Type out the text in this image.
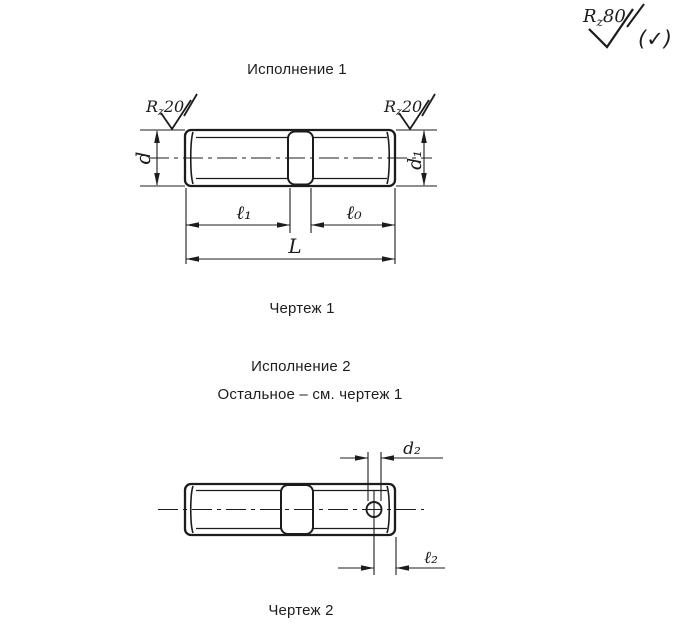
Исполнение 1
Чертеж 1
Исполнение 2
Остальное – см. чертеж 1
Чертеж 2
$R_z80$
(✓)
d	d₁
ℓ₁	ℓ₀
L
Rz20	Rz20
d₂
ℓ₂
